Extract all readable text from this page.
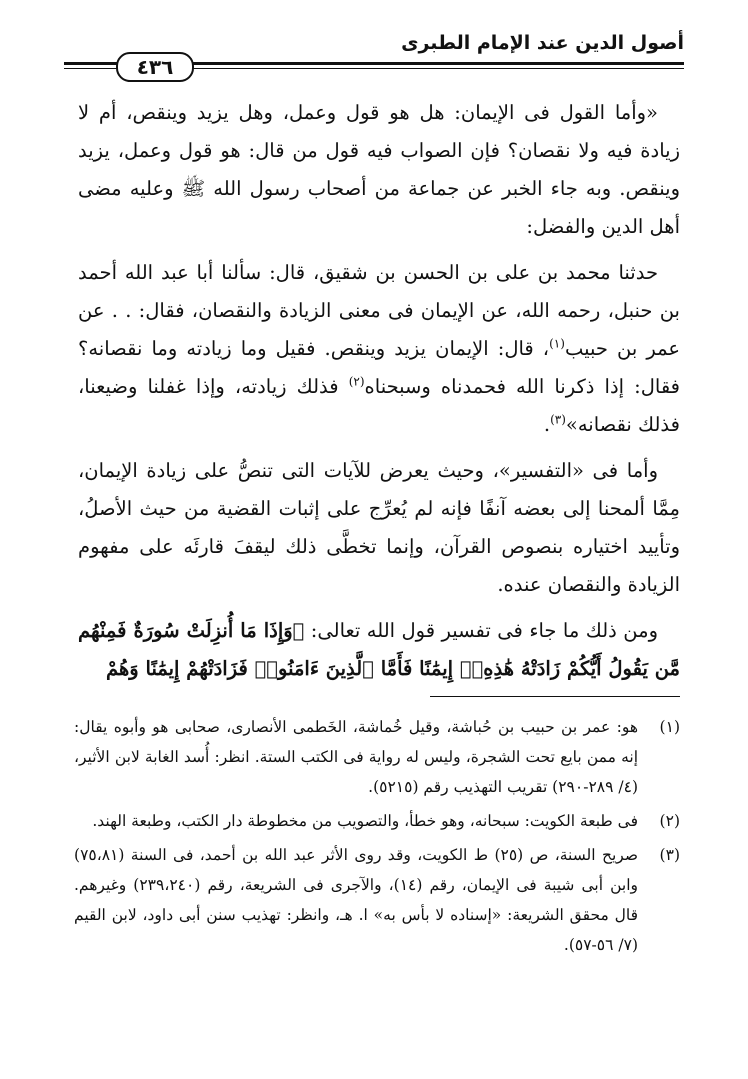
أصول الدين عند الإمام الطبرى
٤٣٦

«وأما القول فى الإيمان: هل هو قول وعمل، وهل يزيد وينقص، أم لا زيادة فيه ولا نقصان؟ فإن الصواب فيه قول من قال: هو قول وعمل، يزيد وينقص. وبه جاء الخبر عن جماعة من أصحاب رسول الله ﷺ وعليه مضى أهل الدين والفضل:

حدثنا محمد بن على بن الحسن بن شقيق، قال: سألنا أبا عبد الله أحمد بن حنبل، رحمه الله، عن الإيمان فى معنى الزيادة والنقصان، فقال: . . عن عمر بن حبيب$^{(١)}$، قال: الإيمان يزيد وينقص. فقيل وما زيادته وما نقصانه؟ فقال: إذا ذكرنا الله فحمدناه وسبحناه$^{(٢)}$ فذلك زيادته، وإذا غفلنا وضيعنا، فذلك نقصانه»$^{(٣)}$.

وأما فى «التفسير»، وحيث يعرض للآيات التى تنصُّ على زيادة الإيمان، مِمَّا ألمحنا إلى بعضه آنفًا فإنه لم يُعرِّج على إثبات القضية من حيث الأصلُ، وتأييد اختياره بنصوص القرآن، وإنما تخطَّى ذلك ليقفَ قارئَه على مفهوم الزيادة والنقصان عنده.

ومن ذلك ما جاء فى تفسير قول الله تعالى: ﴿وَإِذَا مَا أُنزِلَتْ سُورَةٌ فَمِنْهُم مَّن يَقُولُ أَيُّكُمْ زَادَتْهُ هَٰذِهِۦٓ إِيمَٰنًا فَأَمَّا ٱلَّذِينَ ءَامَنُوا۟ فَزَادَتْهُمْ إِيمَٰنًا وَهُمْ

(١)
هو: عمر بن حبيب بن حُباشة، وقيل خُماشة، الخَطمى الأنصارى، صحابى هو وأبوه يقال: إنه ممن بايع تحت الشجرة، وليس له رواية فى الكتب الستة. انظر: أُسد الغابة لابن الأثير، (٤/ ٢٨٩-٢٩٠) تقريب التهذيب رقم (٥٢١٥).
(٢)
فى طبعة الكويت: سبحانه، وهو خطأ، والتصويب من مخطوطة دار الكتب، وطبعة الهند.
(٣)
صريح السنة، ص (٢٥) ط الكويت، وقد روى الأثر عبد الله بن أحمد، فى السنة (٧٥،٨١) وابن أبى شيبة فى الإيمان، رقم (١٤)، والآجرى فى الشريعة، رقم (٢٣٩،٢٤٠) وغيرهم. قال محقق الشريعة: «إسناده لا بأس به» ا. هـ، وانظر: تهذيب سنن أبى داود، لابن القيم (٧/ ٥٦-٥٧).
